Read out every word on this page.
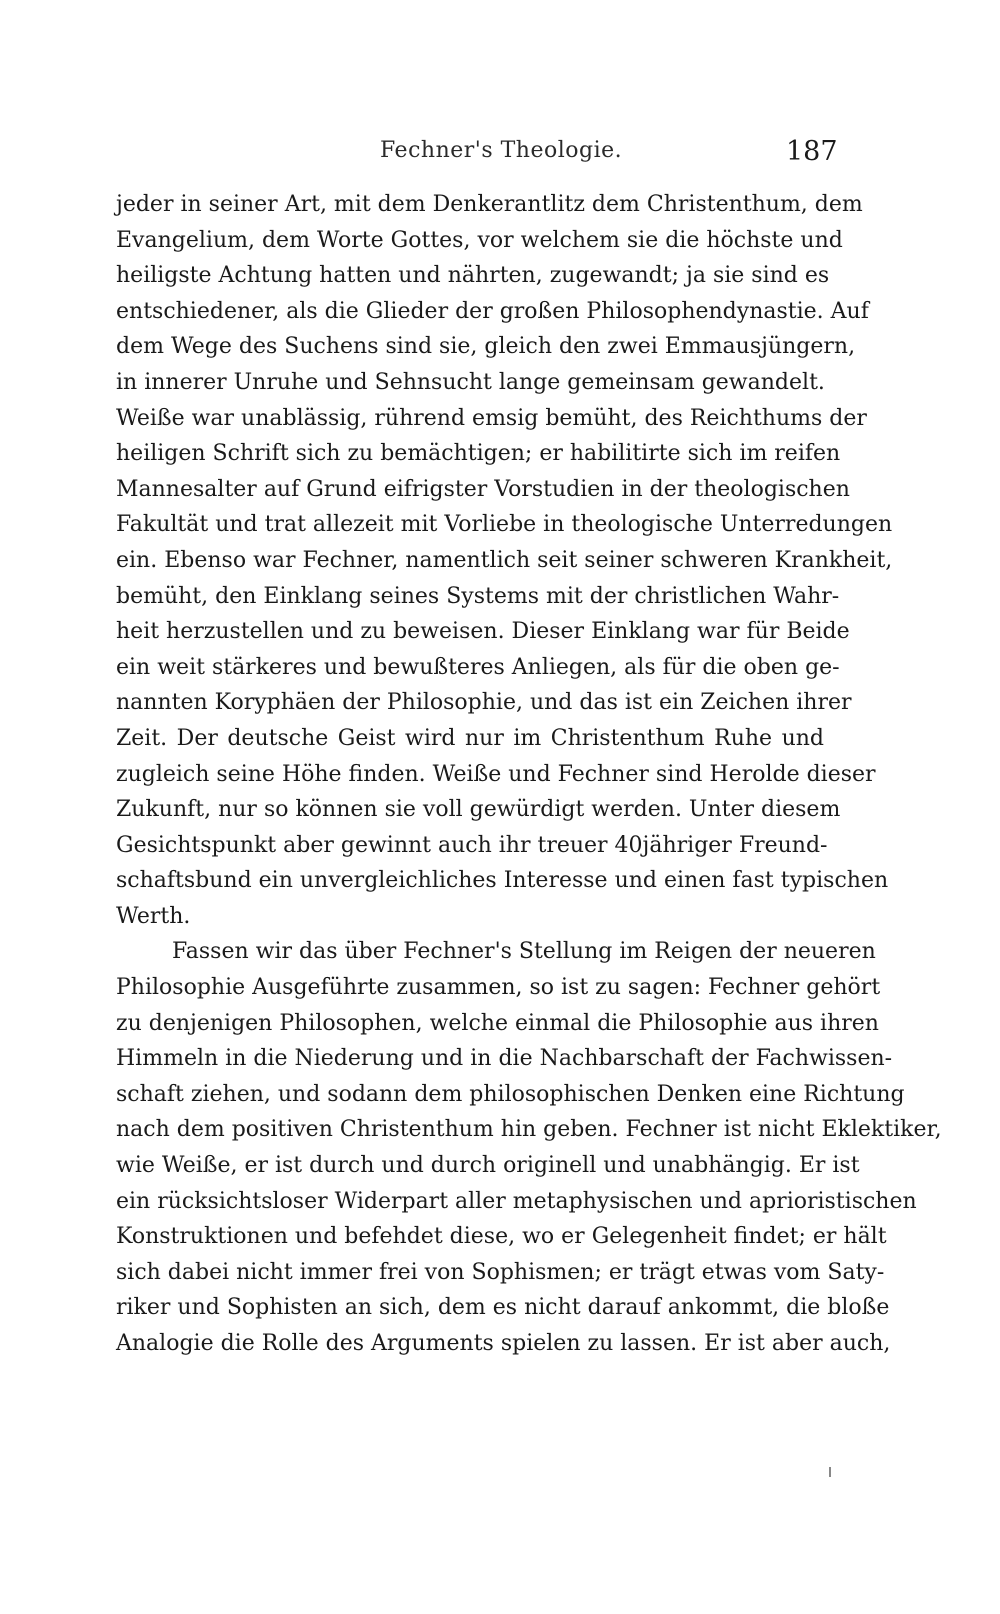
Fechner's Theologie.	187
jeder in seiner Art, mit dem Denkerantlitz dem Christenthum, dem
Evangelium, dem Worte Gottes, vor welchem sie die höchste und
heiligste Achtung hatten und nährten, zugewandt; ja sie sind es
entschiedener, als die Glieder der großen Philosophendynastie. Auf
dem Wege des Suchens sind sie, gleich den zwei Emmausjüngern,
in innerer Unruhe und Sehnsucht lange gemeinsam gewandelt.
Weiße war unablässig, rührend emsig bemüht, des Reichthums der
heiligen Schrift sich zu bemächtigen; er habilitirte sich im reifen
Mannesalter auf Grund eifrigster Vorstudien in der theologischen
Fakultät und trat allezeit mit Vorliebe in theologische Unterredungen
ein. Ebenso war Fechner, namentlich seit seiner schweren Krankheit,
bemüht, den Einklang seines Systems mit der christlichen Wahr-
heit herzustellen und zu beweisen. Dieser Einklang war für Beide
ein weit stärkeres und bewußteres Anliegen, als für die oben ge-
nannten Koryphäen der Philosophie, und das ist ein Zeichen ihrer
Zeit. Der deutsche Geist wird nur im Christenthum Ruhe und
zugleich seine Höhe finden. Weiße und Fechner sind Herolde dieser
Zukunft, nur so können sie voll gewürdigt werden. Unter diesem
Gesichtspunkt aber gewinnt auch ihr treuer 40jähriger Freund-
schaftsbund ein unvergleichliches Interesse und einen fast typischen
Werth.
Fassen wir das über Fechner's Stellung im Reigen der neueren
Philosophie Ausgeführte zusammen, so ist zu sagen: Fechner gehört
zu denjenigen Philosophen, welche einmal die Philosophie aus ihren
Himmeln in die Niederung und in die Nachbarschaft der Fachwissen-
schaft ziehen, und sodann dem philosophischen Denken eine Richtung
nach dem positiven Christenthum hin geben. Fechner ist nicht Eklektiker,
wie Weiße, er ist durch und durch originell und unabhängig. Er ist
ein rücksichtsloser Widerpart aller metaphysischen und aprioristischen
Konstruktionen und befehdet diese, wo er Gelegenheit findet; er hält
sich dabei nicht immer frei von Sophismen; er trägt etwas vom Saty-
riker und Sophisten an sich, dem es nicht darauf ankommt, die bloße
Analogie die Rolle des Arguments spielen zu lassen. Er ist aber auch,
